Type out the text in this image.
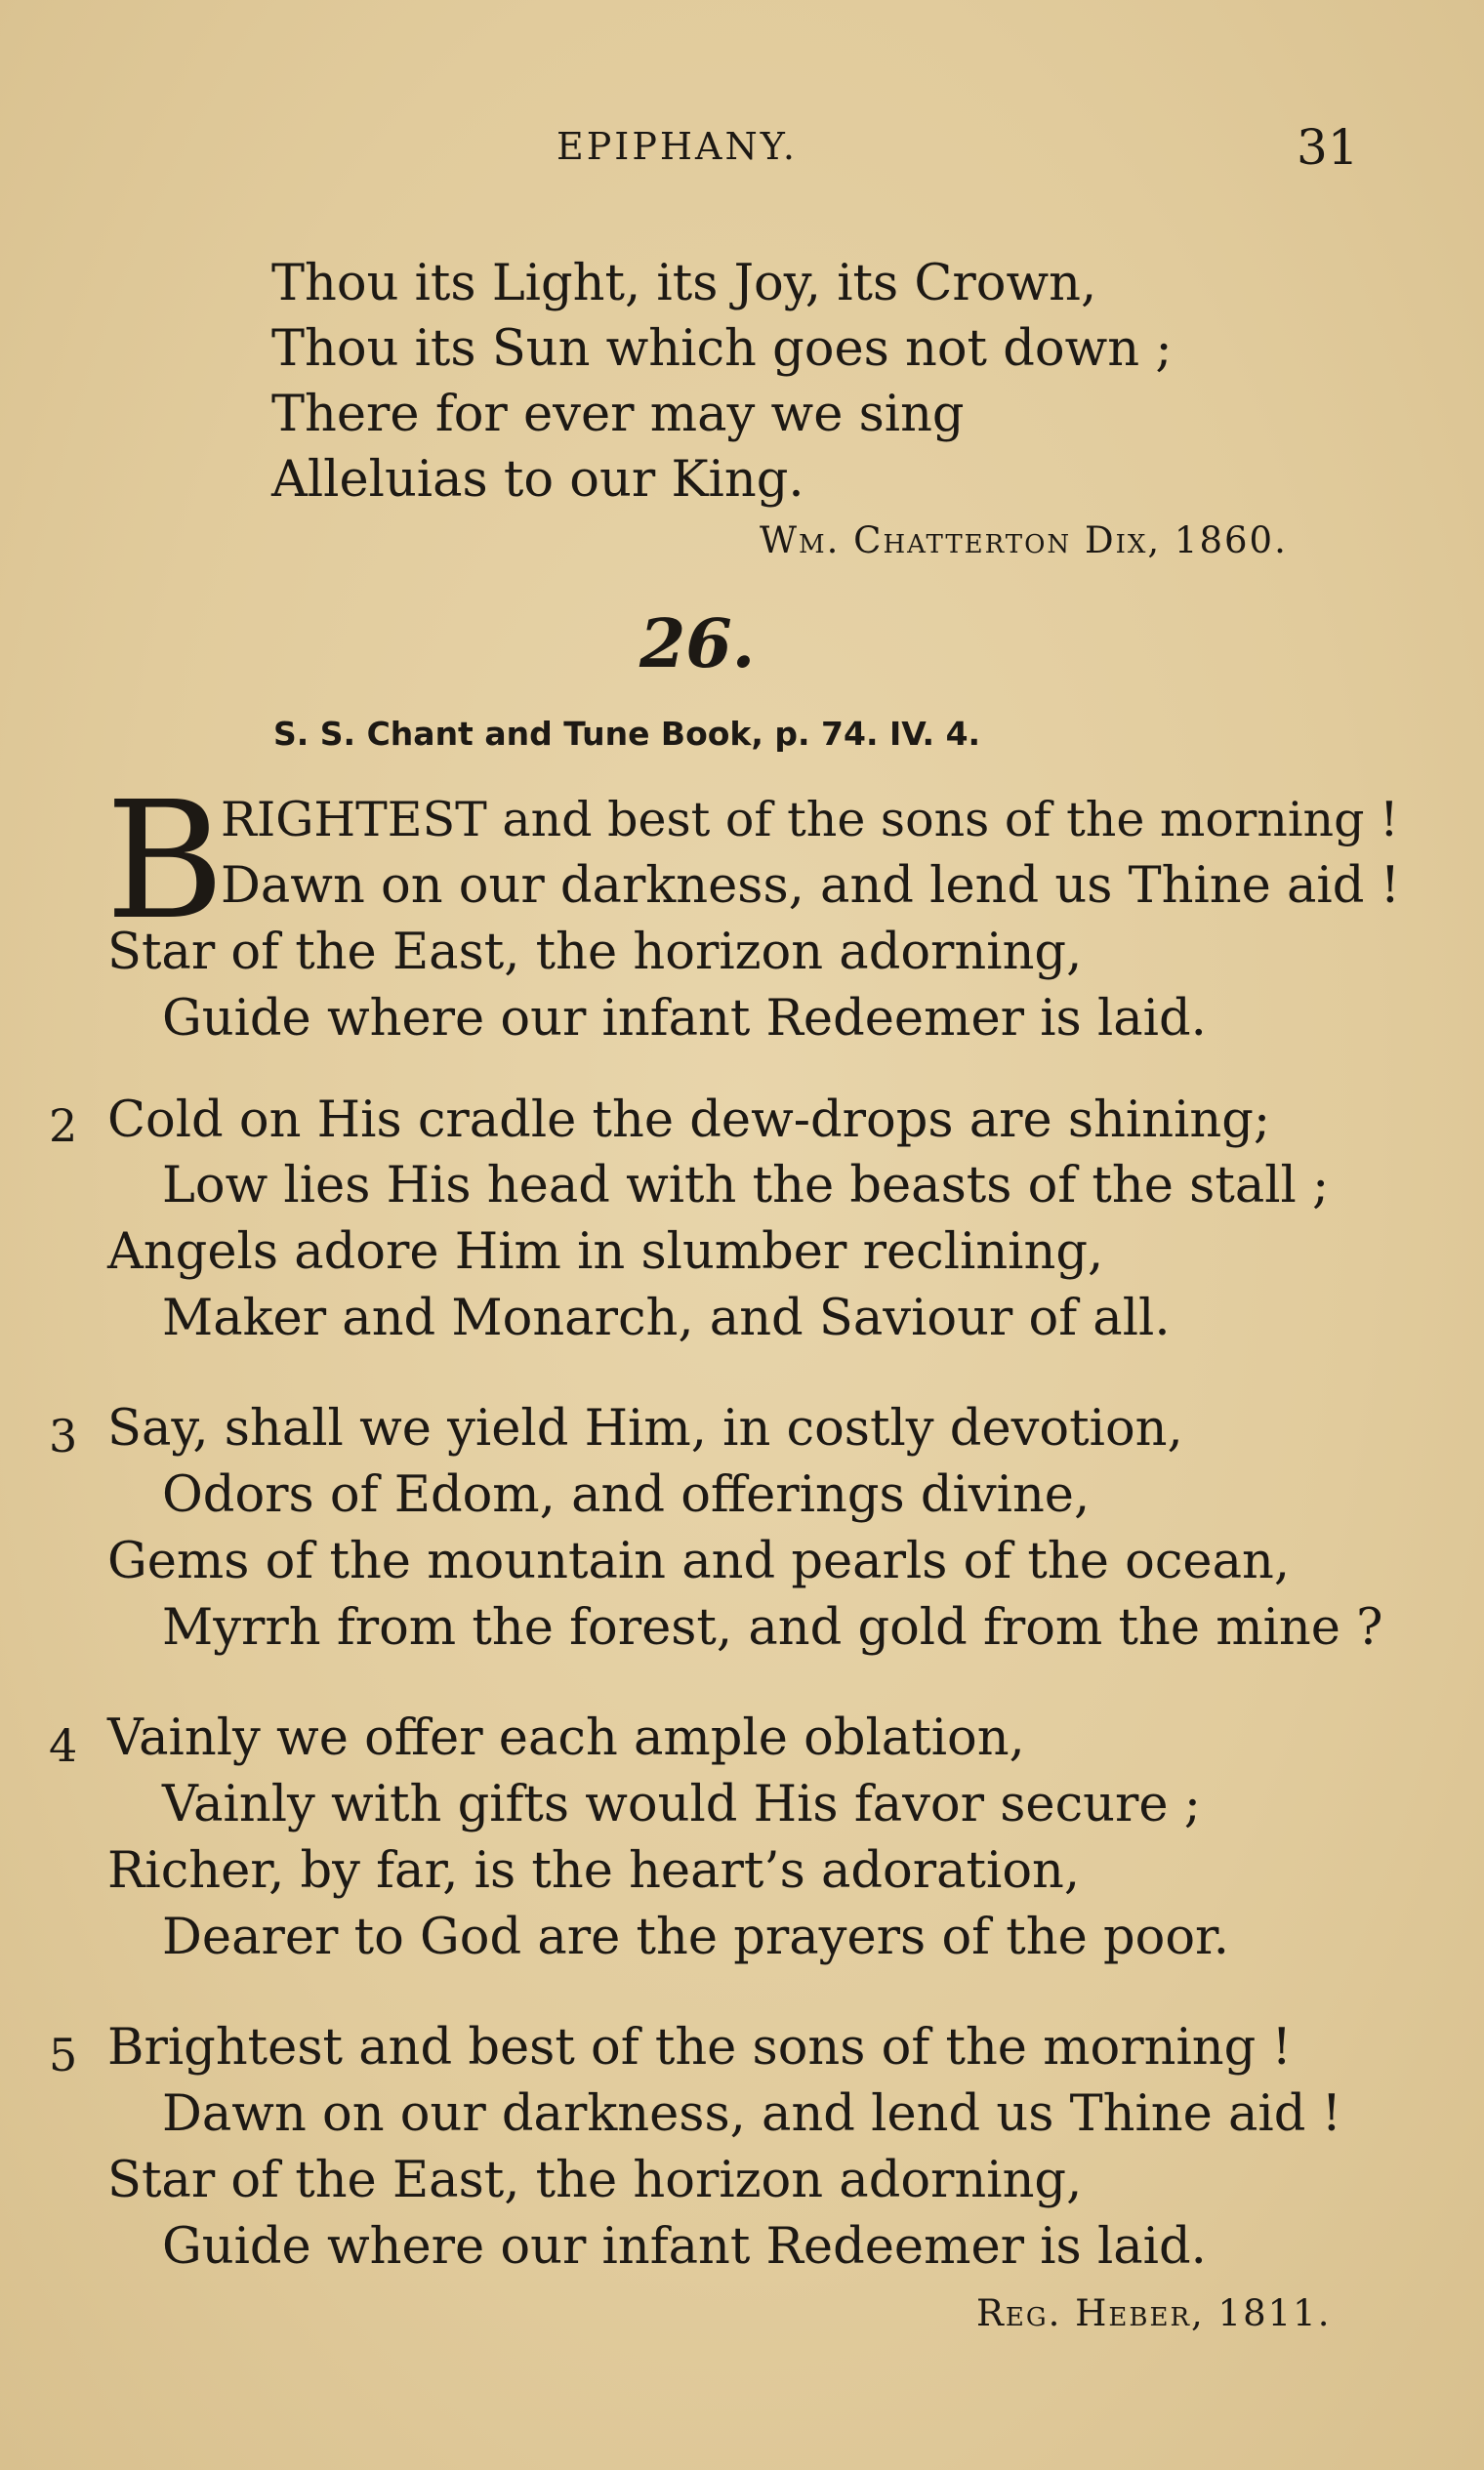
EPIPHANY.	31
Thou its Light, its Joy, its Crown,
Thou its Sun which goes not down ;
There for ever may we sing
Alleluias to our King.
Wm. Chatterton Dix, 1860.
26.
S. S. Chant and Tune Book, p. 74. IV. 4.
B
RIGHTEST and best of the sons of the morning !
Dawn on our darkness, and lend us Thine aid !
Star of the East, the horizon adorning,
Guide where our infant Redeemer is laid.
2 Cold on His cradle the dew-drops are shining;
Low lies His head with the beasts of the stall ;
Angels adore Him in slumber reclining,
Maker and Monarch, and Saviour of all.
3 Say, shall we yield Him, in costly devotion,
Odors of Edom, and offerings divine,
Gems of the mountain and pearls of the ocean,
Myrrh from the forest, and gold from the mine ?
4 Vainly we offer each ample oblation,
Vainly with gifts would His favor secure ;
Richer, by far, is the heart’s adoration,
Dearer to God are the prayers of the poor.
5 Brightest and best of the sons of the morning !
Dawn on our darkness, and lend us Thine aid !
Star of the East, the horizon adorning,
Guide where our infant Redeemer is laid.
Reg. Heber, 1811.
